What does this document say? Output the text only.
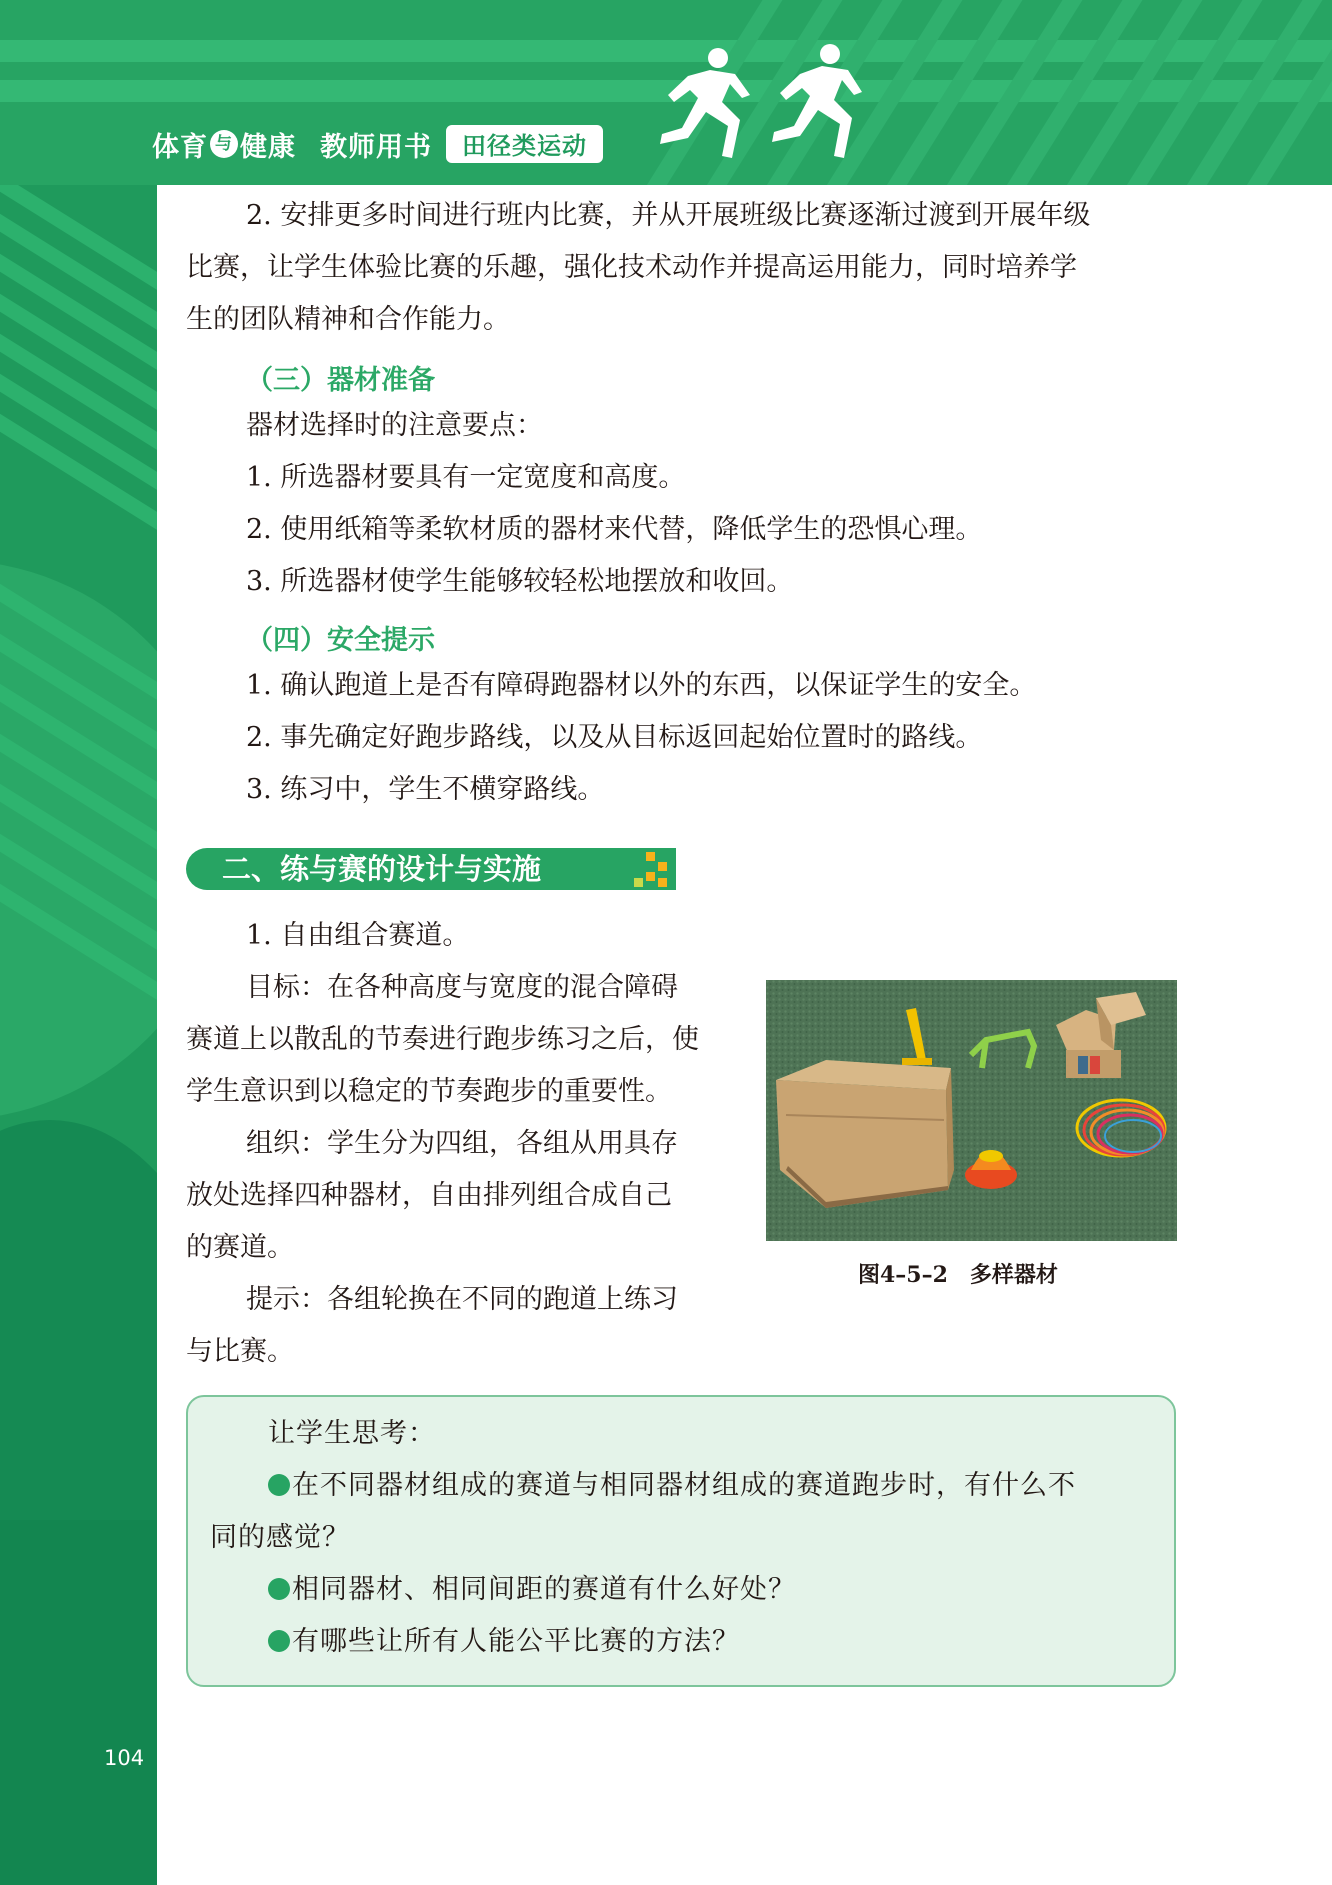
体育 与 健康 教师用书	田径类运动
2. 安排更多时间进行班内比赛，并从开展班级比赛逐渐过渡到开展年级
比赛，让学生体验比赛的乐趣，强化技术动作并提高运用能力，同时培养学
生的团队精神和合作能力。
（三）器材准备
器材选择时的注意要点：
1. 所选器材要具有一定宽度和高度。
2. 使用纸箱等柔软材质的器材来代替，降低学生的恐惧心理。
3. 所选器材使学生能够较轻松地摆放和收回。
（四）安全提示
1. 确认跑道上是否有障碍跑器材以外的东西，以保证学生的安全。
2. 事先确定好跑步路线，以及从目标返回起始位置时的路线。
3. 练习中，学生不横穿路线。
二、练与赛的设计与实施
1. 自由组合赛道。
目标：在各种高度与宽度的混合障碍
赛道上以散乱的节奏进行跑步练习之后，使
学生意识到以稳定的节奏跑步的重要性。
组织：学生分为四组，各组从用具存
放处选择四种器材，自由排列组合成自己
的赛道。
提示：各组轮换在不同的跑道上练习
与比赛。
图4–5–2　多样器材
让学生思考：
在不同器材组成的赛道与相同器材组成的赛道跑步时，有什么不
同的感觉？
相同器材、相同间距的赛道有什么好处？
有哪些让所有人能公平比赛的方法？
104
